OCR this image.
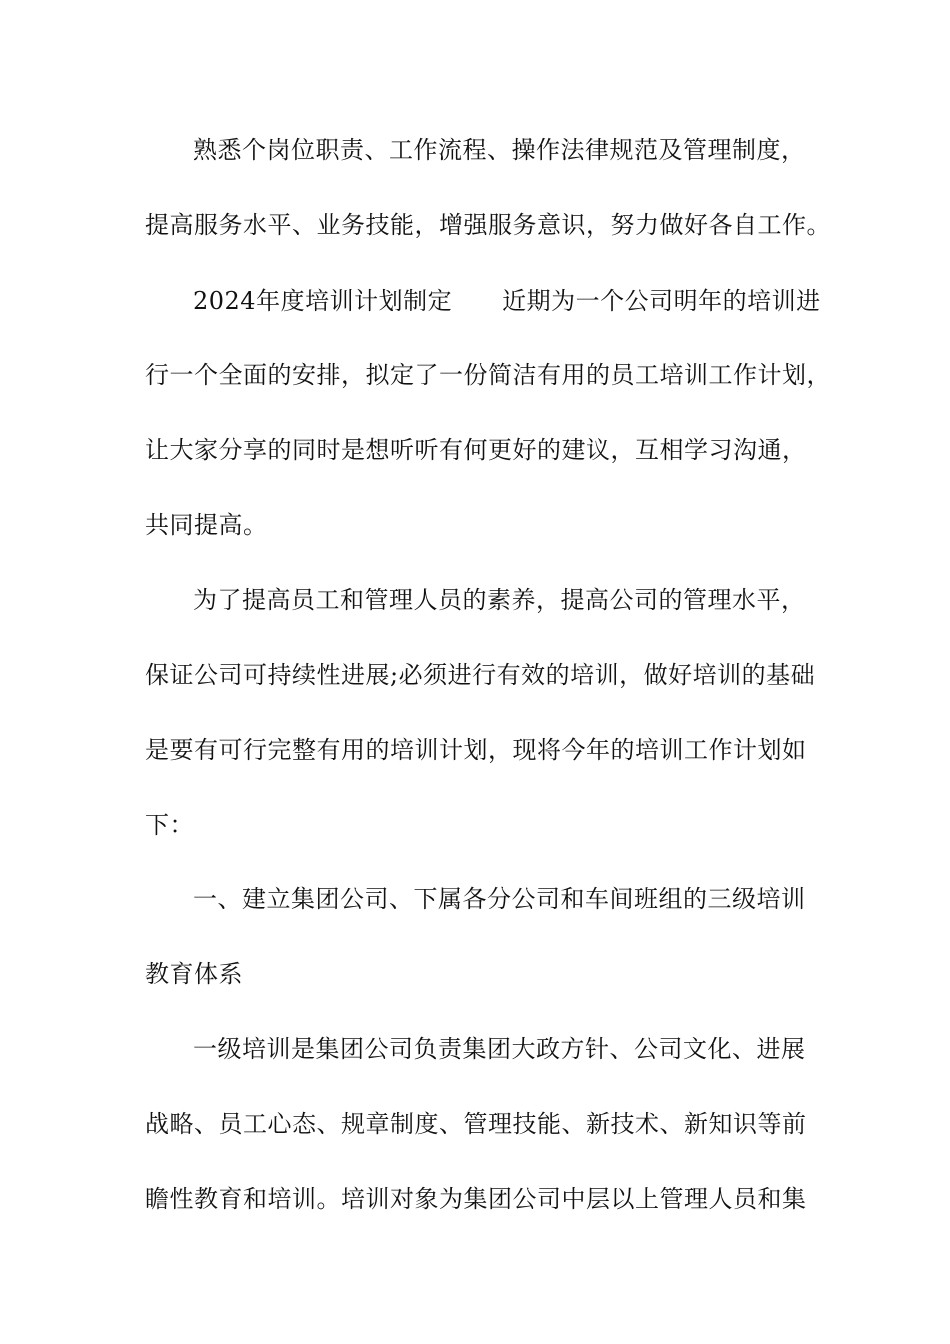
熟悉个岗位职责、工作流程、操作法律规范及管理制度，
提高服务水平、业务技能，增强服务意识，努力做好各自工作。
2024年度培训计划制定 近期为一个公司明年的培训进
行一个全面的安排，拟定了一份简洁有用的员工培训工作计划，
让大家分享的同时是想听听有何更好的建议，互相学习沟通，
共同提高。
为了提高员工和管理人员的素养，提高公司的管理水平，
保证公司可持续性进展;必须进行有效的培训，做好培训的基础
是要有可行完整有用的培训计划，现将今年的培训工作计划如
下：
一、建立集团公司、下属各分公司和车间班组的三级培训
教育体系
一级培训是集团公司负责集团大政方针、公司文化、进展
战略、员工心态、规章制度、管理技能、新技术、新知识等前
瞻性教育和培训。培训对象为集团公司中层以上管理人员和集
